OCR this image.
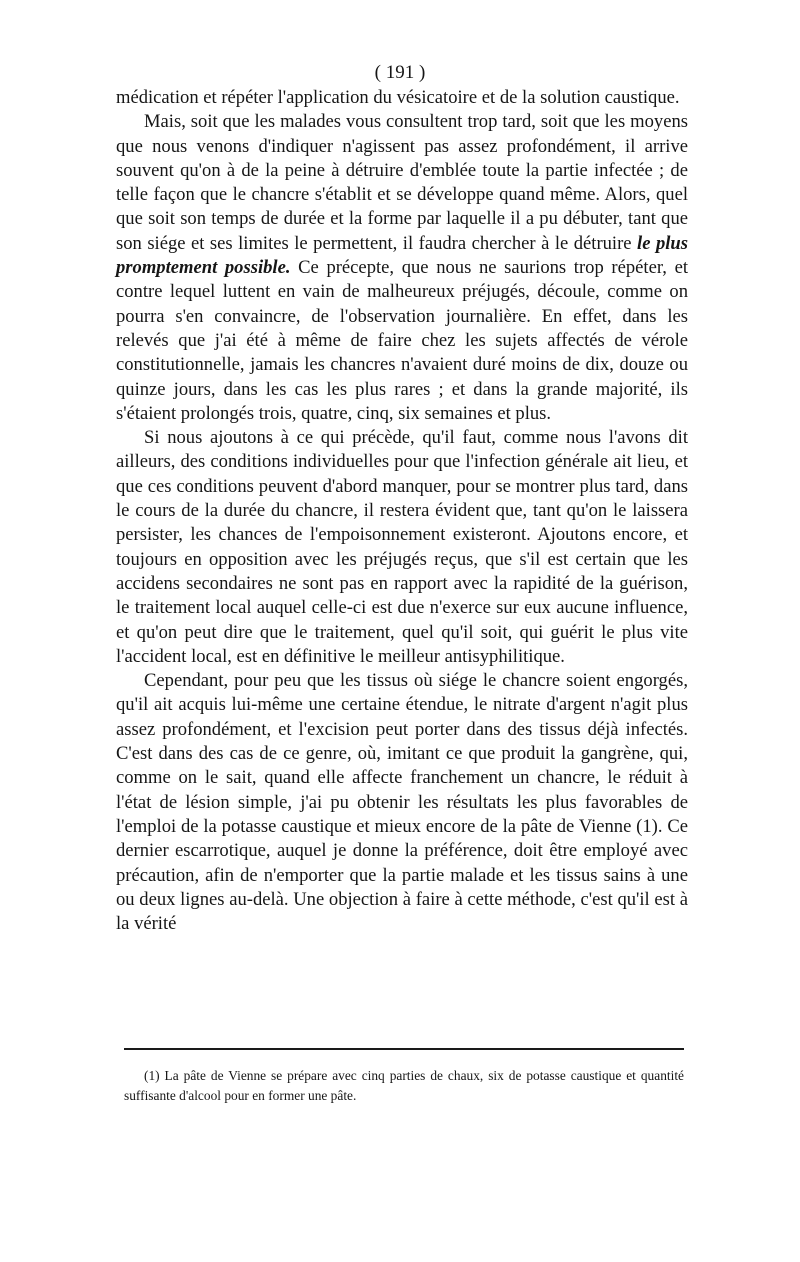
( 191 )

médication et répéter l'application du vésicatoire et de la solution caustique.

Mais, soit que les malades vous consultent trop tard, soit que les moyens que nous venons d'indiquer n'agissent pas assez profondément, il arrive souvent qu'on à de la peine à détruire d'emblée toute la partie infectée ; de telle façon que le chancre s'établit et se développe quand même. Alors, quel que soit son temps de durée et la forme par laquelle il a pu débuter, tant que son siége et ses limites le permettent, il faudra chercher à le détruire le plus promptement possible. Ce précepte, que nous ne saurions trop répéter, et contre lequel luttent en vain de malheureux préjugés, découle, comme on pourra s'en convaincre, de l'observation journalière. En effet, dans les relevés que j'ai été à même de faire chez les sujets affectés de vérole constitutionnelle, jamais les chancres n'avaient duré moins de dix, douze ou quinze jours, dans les cas les plus rares ; et dans la grande majorité, ils s'étaient prolongés trois, quatre, cinq, six semaines et plus.

Si nous ajoutons à ce qui précède, qu'il faut, comme nous l'avons dit ailleurs, des conditions individuelles pour que l'infection générale ait lieu, et que ces conditions peuvent d'abord manquer, pour se montrer plus tard, dans le cours de la durée du chancre, il restera évident que, tant qu'on le laissera persister, les chances de l'empoisonnement existeront. Ajoutons encore, et toujours en opposition avec les préjugés reçus, que s'il est certain que les accidens secondaires ne sont pas en rapport avec la rapidité de la guérison, le traitement local auquel celle-ci est due n'exerce sur eux aucune influence, et qu'on peut dire que le traitement, quel qu'il soit, qui guérit le plus vite l'accident local, est en définitive le meilleur antisyphilitique.

Cependant, pour peu que les tissus où siége le chancre soient engorgés, qu'il ait acquis lui-même une certaine étendue, le nitrate d'argent n'agit plus assez profondément, et l'excision peut porter dans des tissus déjà infectés. C'est dans des cas de ce genre, où, imitant ce que produit la gangrène, qui, comme on le sait, quand elle affecte franchement un chancre, le réduit à l'état de lésion simple, j'ai pu obtenir les résultats les plus favorables de l'emploi de la potasse caustique et mieux encore de la pâte de Vienne (1). Ce dernier escarrotique, auquel je donne la préférence, doit être employé avec précaution, afin de n'emporter que la partie malade et les tissus sains à une ou deux lignes au-delà. Une objection à faire à cette méthode, c'est qu'il est à la vérité

(1) La pâte de Vienne se prépare avec cinq parties de chaux, six de potasse caustique et quantité suffisante d'alcool pour en former une pâte.
